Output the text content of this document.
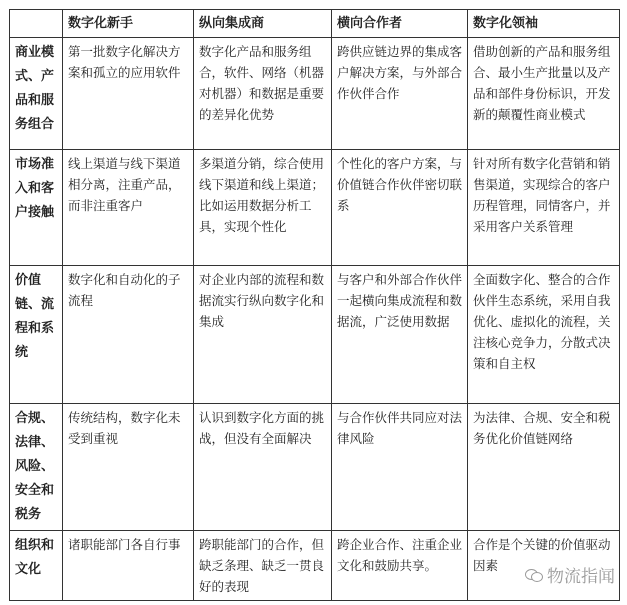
	数字化新手	纵向集成商	横向合作者	数字化领袖
商业模式、产品和服务组合	第一批数字化解决方案和孤立的应用软件	数字化产品和服务组合，软件、网络（机器对机器）和数据是重要的差异化优势	跨供应链边界的集成客户解决方案，与外部合作伙伴合作	借助创新的产品和服务组合、最小生产批量以及产品和部件身份标识，开发新的颠覆性商业模式
市场准入和客户接触	线上渠道与线下渠道相分离，注重产品，而非注重客户	多渠道分销，综合使用线下渠道和线上渠道；比如运用数据分析工具，实现个性化	个性化的客户方案，与价值链合作伙伴密切联系	针对所有数字化营销和销售渠道，实现综合的客户历程管理，同情客户，并采用客户关系管理
价值链、流程和系统	数字化和自动化的子流程	对企业内部的流程和数据流实行纵向数字化和集成	与客户和外部合作伙伴一起横向集成流程和数据流，广泛使用数据	全面数字化、整合的合作伙伴生态系统，采用自我优化、虚拟化的流程，关注核心竞争力，分散式决策和自主权
合规、法律、风险、安全和税务	传统结构，数字化未受到重视	认识到数字化方面的挑战，但没有全面解决	与合作伙伴共同应对法律风险	为法律、合规、安全和税务优化价值链网络
组织和文化	诸职能部门各自行事	跨职能部门的合作，但缺乏条理、缺乏一贯良好的表现	跨企业合作、注重企业文化和鼓励共享。	合作是个关键的价值驱动因素
物流指闻
